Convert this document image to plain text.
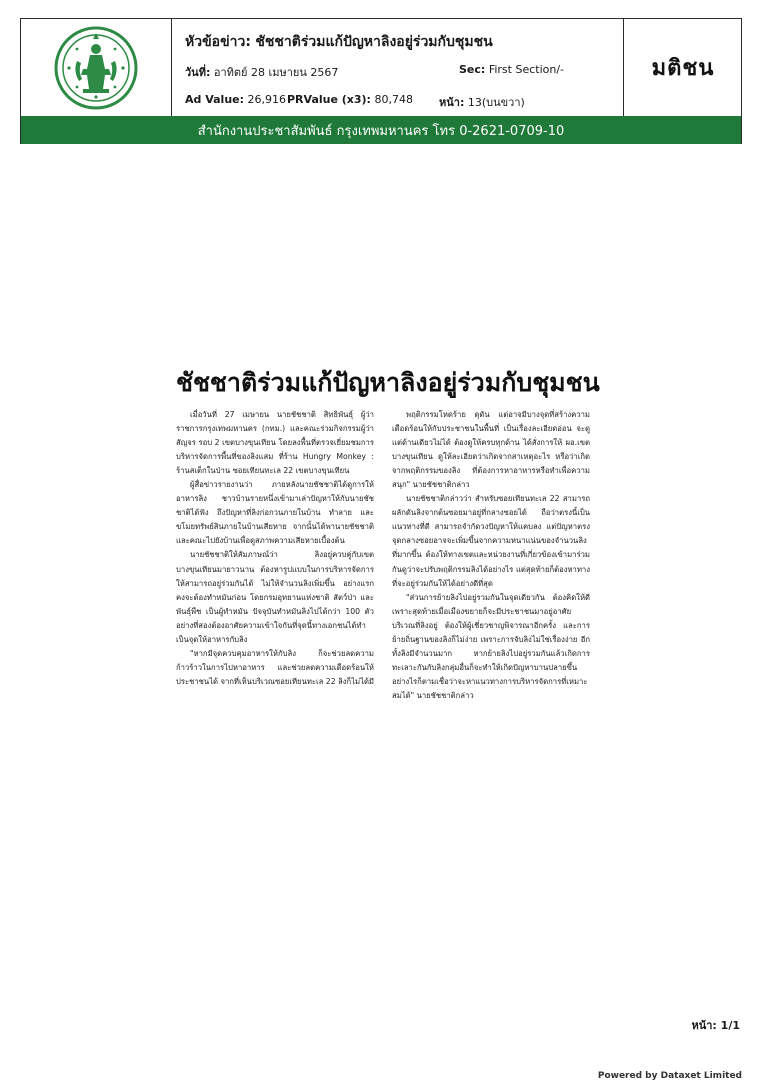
หัวข้อข่าว: ชัชชาติร่วมแก้ปัญหาลิงอยู่ร่วมกับชุมชน
วันที่: อาทิตย์ 28 เมษายน 2567	Sec: First Section/-
Ad Value: 26,916 PRValue (x3): 80,748 หน้า: 13(บนขวา)
มติชน
สำนักงานประชาสัมพันธ์ กรุงเทพมหานคร โทร 0-2621-0709-10
ชัชชาติร่วมแก้ปัญหาลิงอยู่ร่วมกับชุมชน

เมื่อวันที่ 27 เมษายน นายชัชชาติ สิทธิพันธุ์ ผู้ว่าราชการกรุงเทพมหานคร (กทม.) และคณะร่วมกิจกรรมผู้ว่าสัญจร รอบ 2 เขตบางขุนเทียน โดยลงพื้นที่ตรวจเยี่ยมชมการบริหารจัดการพื้นที่ของลิงแสม ที่ร้าน Hungry Monkey : ร้านสเต็กในป่าน ซอยเทียนทะเล 22 เขตบางขุนเทียน

ผู้สื่อข่าวรายงานว่า ภายหลังนายชัชชาติได้ดูการให้อาหารลิง ชาวบ้านรายหนึ่งเข้ามาเล่าปัญหาให้กับนายชัชชาติได้ฟัง ถึงปัญหาที่ลิงก่อกวนภายในบ้าน ทำลาย และขโมยทรัพย์สินภายในบ้านเสียหาย จากนั้นได้พานายชัชชาติและคณะไปยังบ้านเพื่อดูสภาพความเสียหายเบื้องต้น

นายชัชชาติให้สัมภาษณ์ว่า ลิงอยู่ควบคู่กับเขตบางขุนเทียนมายาวนาน ต้องหารูปแบบในการบริหารจัดการให้สามารถอยู่ร่วมกันได้ ไม่ให้จำนวนลิงเพิ่มขึ้น อย่างแรกคงจะต้องทำหมันก่อน โดยกรมอุทยานแห่งชาติ สัตว์ป่า และพันธุ์พืช เป็นผู้ทำหมัน ปัจจุบันทำหมันลิงไปได้กว่า 100 ตัว อย่างที่สองต้องอาศัยความเข้าใจกันที่จุดนี้ทางเอกชนได้ทำเป็นจุดให้อาหารกับลิง

"หากมีจุดควบคุมอาหารให้กับลิง ก็จะช่วยลดความก้าวร้าวในการไปหาอาหาร และช่วยลดความเดือดร้อนให้ประชาชนได้ จากที่เห็นบริเวณซอยเทียนทะเล 22 ลิงก็ไม่ได้มี

พฤติกรรมโหดร้าย ดุดัน แต่อาจมีบางจุดที่สร้างความเดือดร้อนให้กับประชาชนในพื้นที่ เป็นเรื่องละเอียดอ่อน จะดูแต่ด้านเดียวไม่ได้ ต้องดูให้ครบทุกด้าน ได้สั่งการให้ ผอ.เขตบางขุนเทียน ดูให้ละเอียดว่าเกิดจากสาเหตุอะไร หรือว่าเกิดจากพฤติกรรมของลิง ที่ต้องการหาอาหารหรือทำเพื่อความสนุก" นายชัชชาติกล่าว

นายชัชชาติกล่าวว่า สำหรับซอยเทียนทะเล 22 สามารถผลักดันลิงจากต้นซอยมาอยู่ที่กลางซอยได้ ถือว่าตรงนี้เป็นแนวทางที่ดี สามารถจำกัดวงปัญหาให้แคบลง แต่ปัญหาตรงจุดกลางซอยอาจจะเพิ่มขึ้นจากความหนาแน่นของจำนวนลิงที่มากขึ้น ต้องให้ทางเขตและหน่วยงานที่เกี่ยวข้องเข้ามาร่วมกันดูว่าจะปรับพฤติกรรมลิงได้อย่างไร แต่สุดท้ายก็ต้องหาทางที่จะอยู่ร่วมกันให้ได้อย่างดีที่สุด

"ส่วนการย้ายลิงไปอยู่รวมกันในจุดเดียวกัน ต้องคิดให้ดี เพราะสุดท้ายเมื่อเมืองขยายก็จะมีประชาชนมาอยู่อาศัยบริเวณที่ลิงอยู่ ต้องให้ผู้เชี่ยวชาญพิจารณาอีกครั้ง และการย้ายถิ่นฐานของลิงก็ไม่ง่าย เพราะการจับลิงไม่ใช่เรื่องง่าย อีกทั้งลิงมีจำนวนมาก หากย้ายลิงไปอยู่รวมกันแล้วเกิดการทะเลาะกันกับลิงกลุ่มอื่นก็จะทำให้เกิดปัญหาบานปลายขึ้น อย่างไรก็ตามเชื่อว่าจะหาแนวทางการบริหารจัดการที่เหมาะสมได้" นายชัชชาติกล่าว

หน้า: 1/1
Powered by Dataxet Limited
